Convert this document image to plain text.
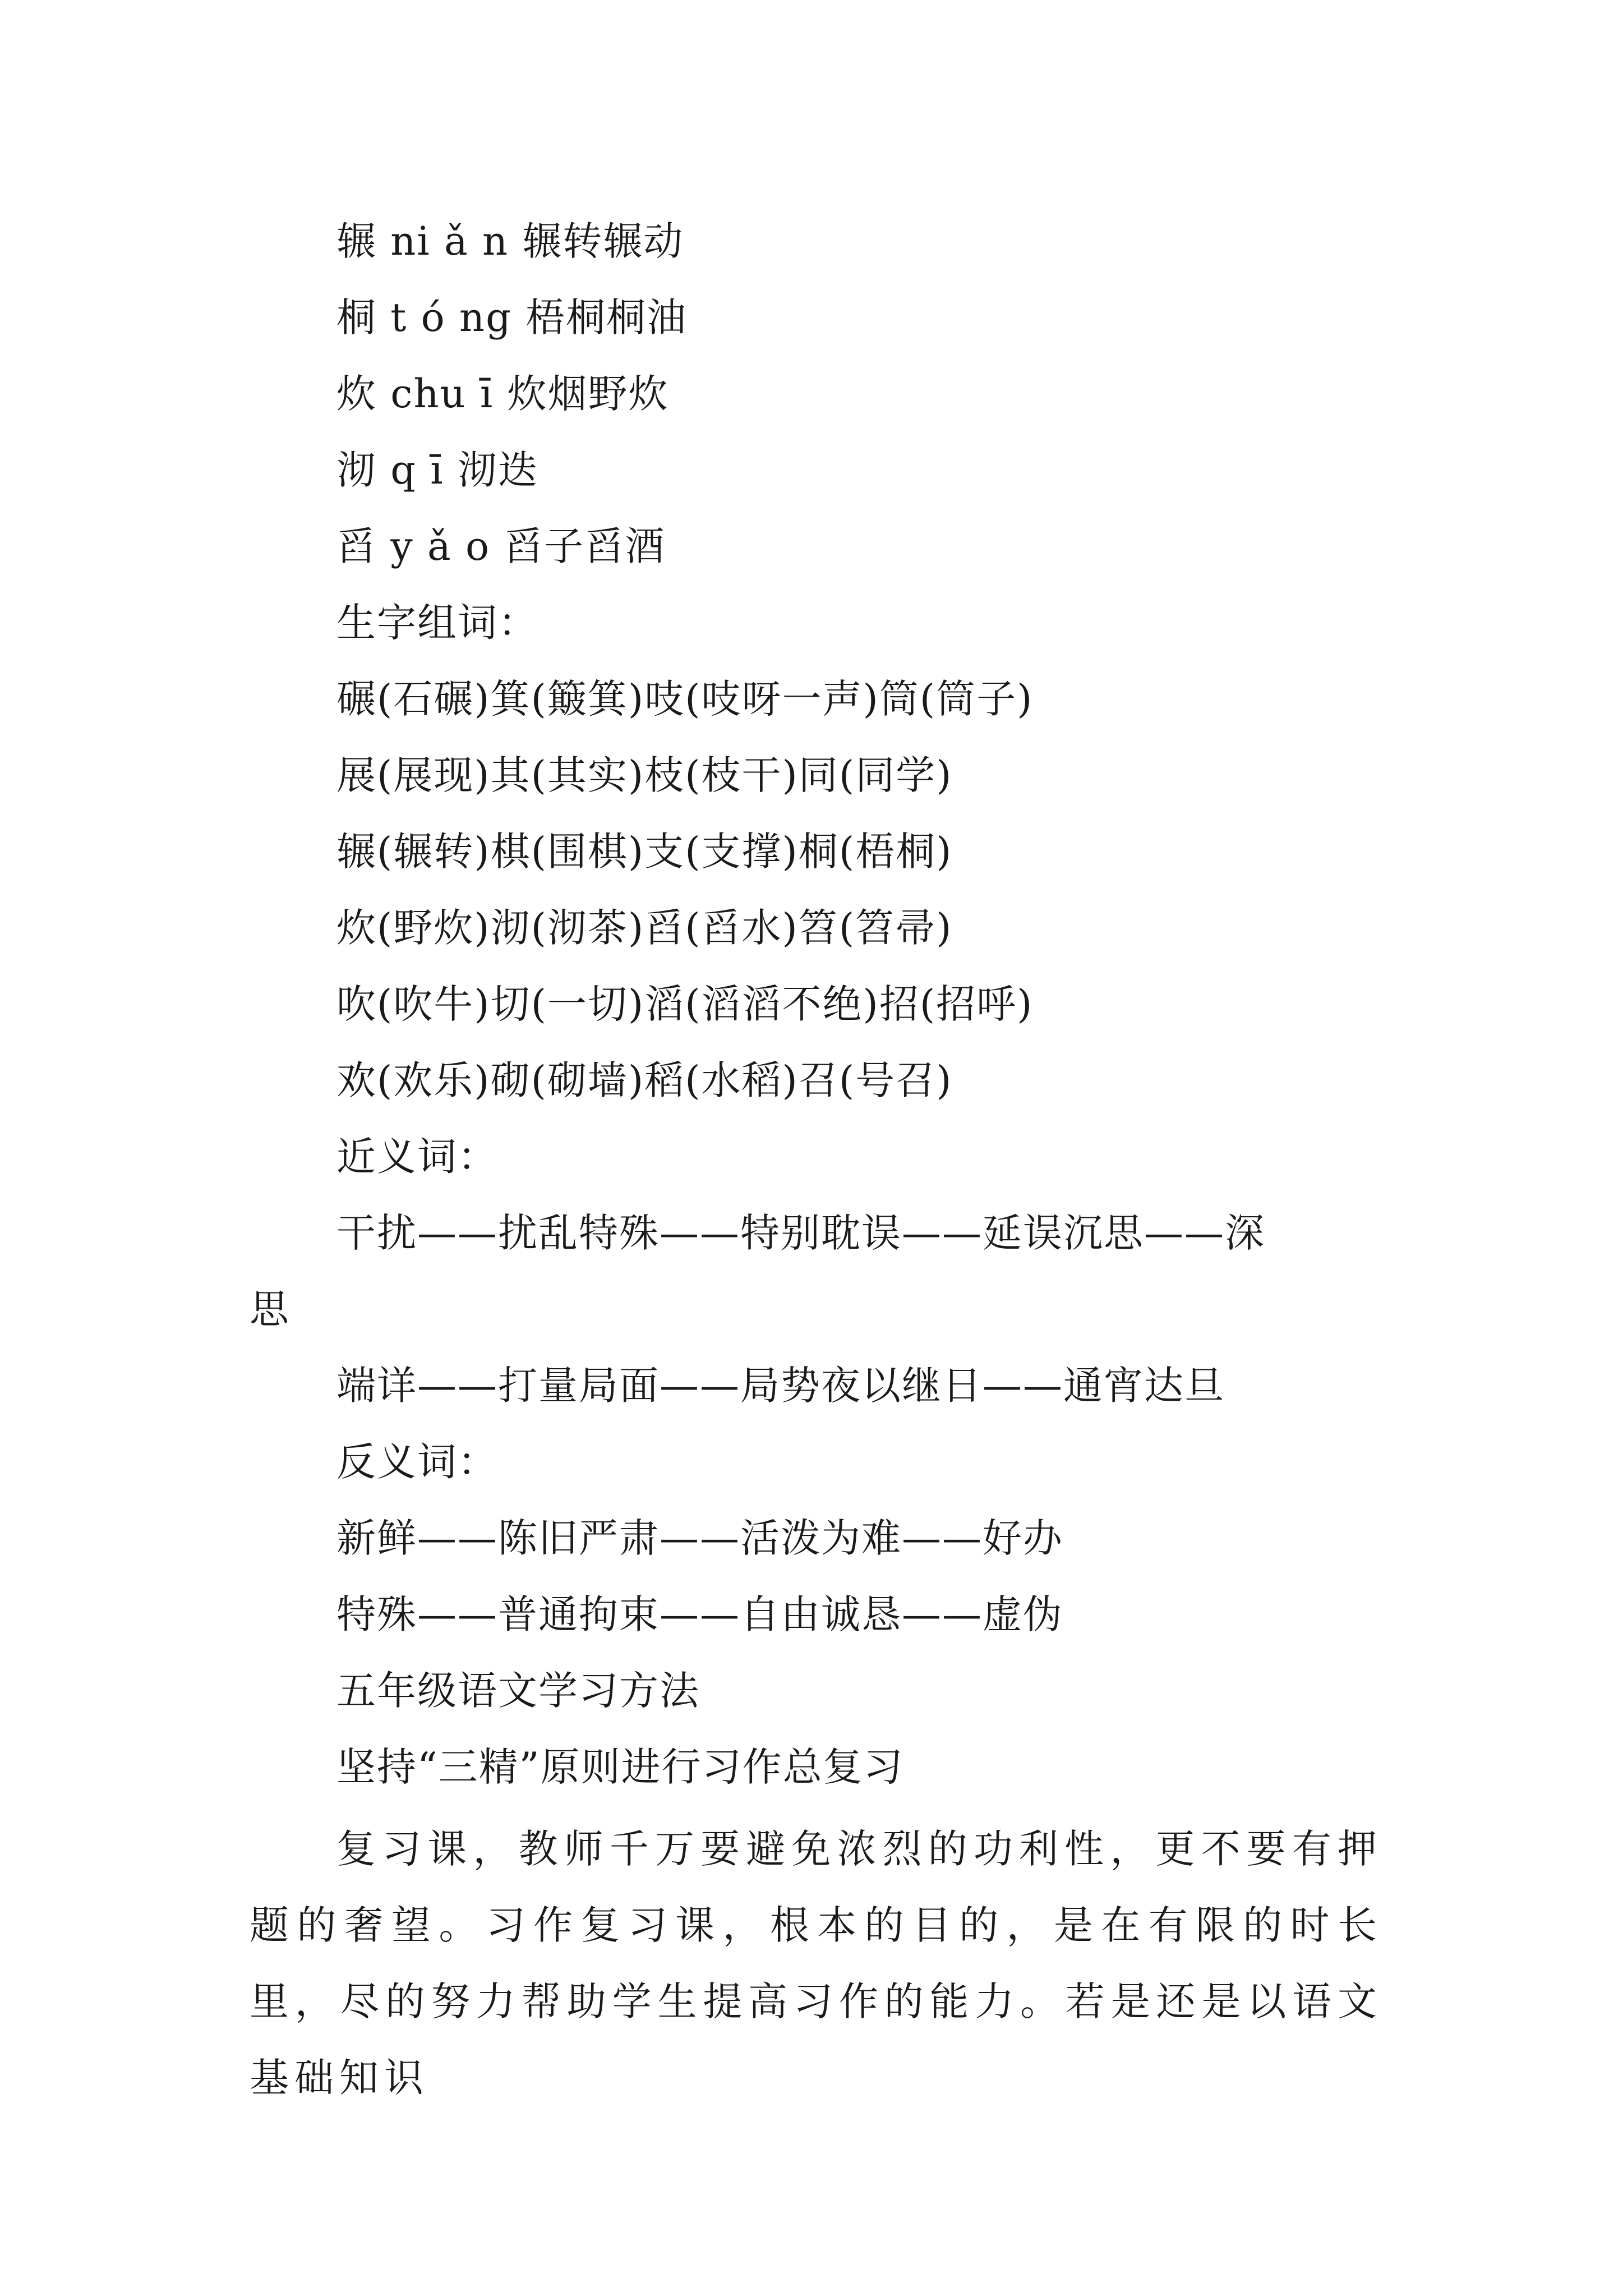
辗 ni ǎ n 辗转辗动
桐 t ó ng 梧桐桐油
炊 chu ī 炊烟野炊
沏 q ī 沏迭
舀 y ǎ o 舀子舀酒
生字组词：
碾(石碾)箕(簸箕)吱(吱呀一声)筒(筒子)
展(展现)其(其实)枝(枝干)同(同学)
辗(辗转)棋(围棋)支(支撑)桐(梧桐)
炊(野炊)沏(沏茶)舀(舀水)笤(笤帚)
吹(吹牛)切(一切)滔(滔滔不绝)招(招呼)
欢(欢乐)砌(砌墙)稻(水稻)召(号召)
近义词：
干扰——扰乱特殊——特别耽误——延误沉思——深
思
端详——打量局面——局势夜以继日——通宵达旦
反义词：
新鲜——陈旧严肃——活泼为难——好办
特殊——普通拘束——自由诚恳——虚伪
五年级语文学习方法
坚持“三精”原则进行习作总复习
复习课，教师千万要避免浓烈的功利性，更不要有押题的奢望。习作复习课，根本的目的，是在有限的时长里，尽的努力帮助学生提高习作的能力。若是还是以语文基础知识
